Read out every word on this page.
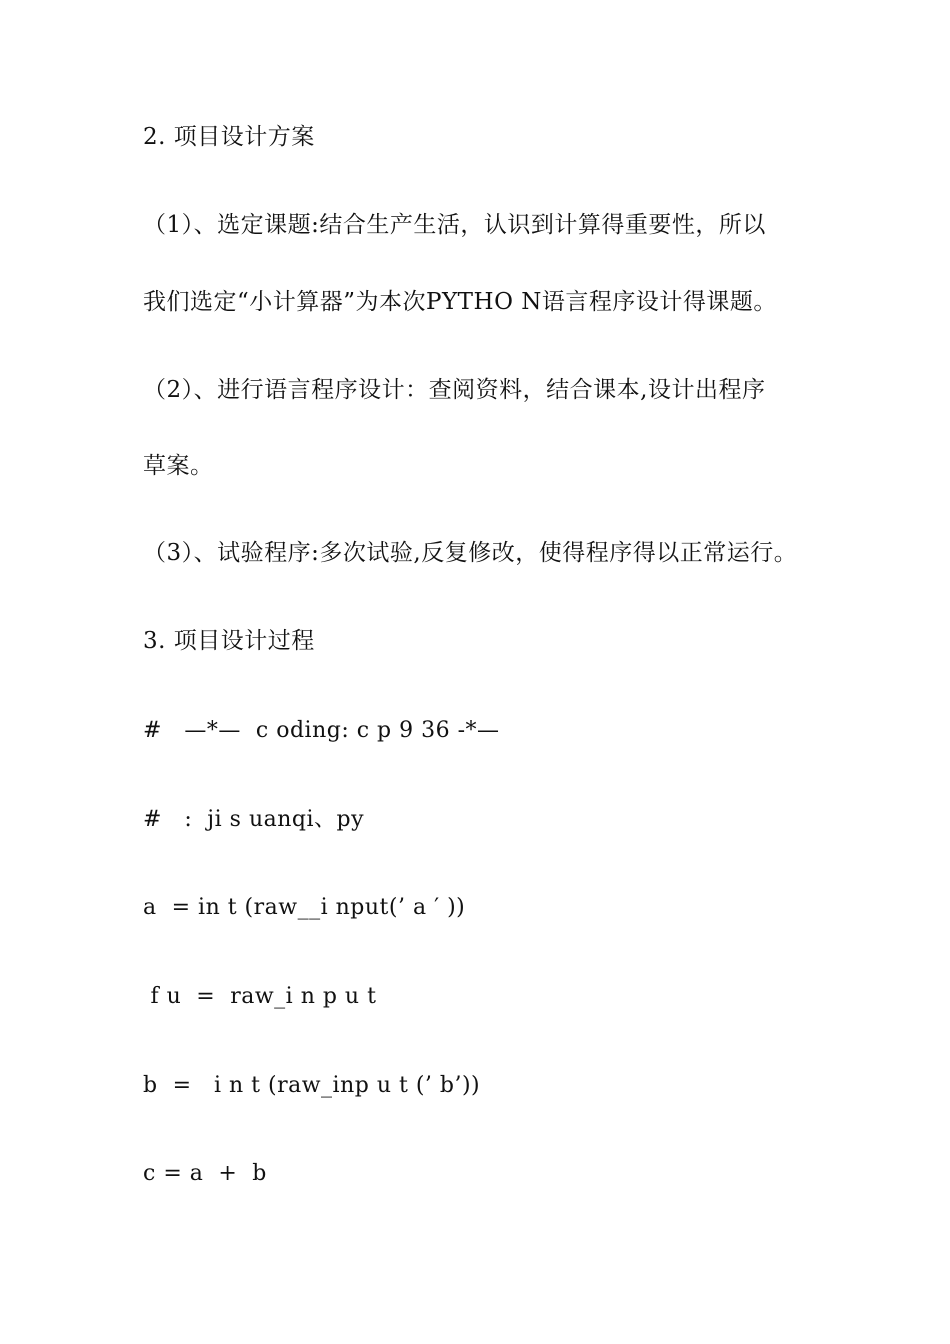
2. 项目设计方案
（1）、选定课题:结合生产生活，认识到计算得重要性，所以
我们选定“小计算器”为本次PYTHO N语言程序设计得课题。
（2）、进行语言程序设计：查阅资料，结合课本,设计出程序
草案。
（3）、试验程序:多次试验,反复修改，使得程序得以正常运行。
3. 项目设计过程
#   —*—  c oding: c p 9 36 -*—
#   :  ji s uanqi、py
a  = in t (raw__i nput(’ a ′ ))
f u  =  raw_i n p u t
b  =   i n t (raw_inp u t (’ b’))
c = a  +  b
